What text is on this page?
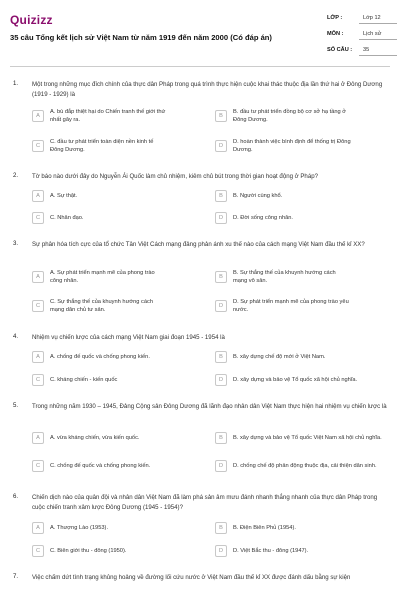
Quizizz
35 câu Tổng kết lịch sử Việt Nam từ năm 1919 đến năm 2000 (Có đáp án)
LỚP :	Lớp 12
MÔN :	Lịch sử
SỐ CÂU : 35
1. Một trong những mục đích chính của thực dân Pháp trong quá trình thực hiện cuộc khai thác thuộc địa lần thứ hai ở Đông Dương (1919 - 1929) là
A
A. bù đắp thiệt hại do Chiến tranh thế giới thứ nhất gây ra.
B
B. đầu tư phát triển đồng bộ cơ sở hạ tầng ở Đông Dương.
C
C. đầu tư phát triển toàn diện nền kinh tế Đông Dương.
D
D. hoàn thành việc bình định để thống trị Đông Dương.
2. Tờ báo nào dưới đây do Nguyễn Ái Quốc làm chủ nhiệm, kiêm chủ bút trong thời gian hoạt động ở Pháp?
A	A. Sự thật.	B	B. Người cùng khổ.
C	C. Nhân đạo.	D	D. Đời sống công nhân.
3. Sự phân hóa tích cực của tổ chức Tân Việt Cách mạng đảng phản ánh xu thế nào của cách mạng Việt Nam đầu thế kỉ XX?
A
A. Sự phát triển mạnh mẽ của phong trào công nhân.
B
B. Sự thắng thế của khuynh hướng cách mạng vô sản.
C
C. Sự thắng thế của khuynh hướng cách mạng dân chủ tư sản.
D
D. Sự phát triển mạnh mẽ của phong trào yêu nước.
4. Nhiệm vụ chiến lược của cách mạng Việt Nam giai đoạn 1945 - 1954 là
A	A. chống đế quốc và chống phong kiến.	B	B. xây dựng chế độ mới ở Việt Nam.
C	C. kháng chiến - kiến quốc	D	D. xây dựng và bảo vệ Tổ quốc xã hội chủ nghĩa.
5. Trong những năm 1930 – 1945, Đảng Cộng sản Đông Dương đã lãnh đạo nhân dân Việt Nam thực hiện hai nhiệm vụ chiến lược là
A	A. vừa kháng chiến, vừa kiến quốc.	B	B. xây dựng và bảo vệ Tổ quốc Việt Nam xã hội chủ nghĩa.
C	C. chống đế quốc và chống phong kiến.	D	D. chống chế độ phản động thuộc địa, cải thiện dân sinh.
6. Chiến dịch nào của quân đội và nhân dân Việt Nam đã làm phá sản âm mưu đánh nhanh thắng nhanh của thực dân Pháp trong cuộc chiến tranh xâm lược Đông Dương (1945 - 1954)?
A	A. Thượng Lào (1953).	B	B. Điện Biên Phủ (1954).
C	C. Biên giới thu - đông (1950).	D	D. Việt Bắc thu - đông (1947).
7. Việc chấm dứt tình trạng khủng hoảng về đường lối cứu nước ở Việt Nam đầu thế kỉ XX được đánh dấu bằng sự kiện
